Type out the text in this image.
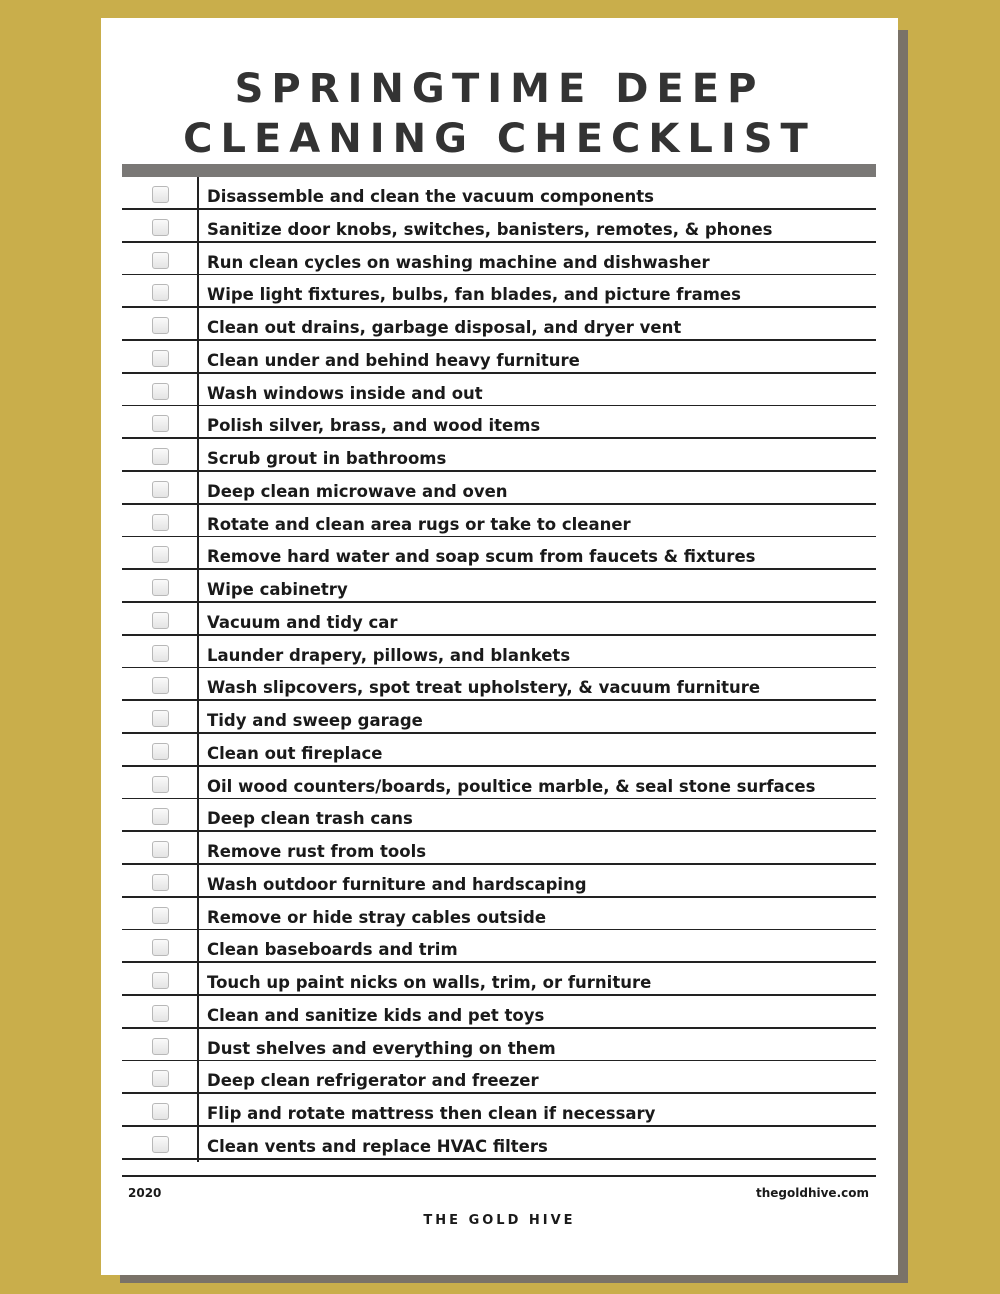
SPRINGTIME DEEP
CLEANING CHECKLIST
Disassemble and clean the vacuum components
Sanitize door knobs, switches, banisters, remotes, & phones
Run clean cycles on washing machine and dishwasher
Wipe light fixtures, bulbs, fan blades, and picture frames
Clean out drains, garbage disposal, and dryer vent
Clean under and behind heavy furniture
Wash windows inside and out
Polish silver, brass, and wood items
Scrub grout in bathrooms
Deep clean microwave and oven
Rotate and clean area rugs or take to cleaner
Remove hard water and soap scum from faucets & fixtures
Wipe cabinetry
Vacuum and tidy car
Launder drapery, pillows, and blankets
Wash slipcovers, spot treat upholstery, & vacuum furniture
Tidy and sweep garage
Clean out fireplace
Oil wood counters/boards, poultice marble, & seal stone surfaces
Deep clean trash cans
Remove rust from tools
Wash outdoor furniture and hardscaping
Remove or hide stray cables outside
Clean baseboards and trim
Touch up paint nicks on walls, trim, or furniture
Clean and sanitize kids and pet toys
Dust shelves and everything on them
Deep clean refrigerator and freezer
Flip and rotate mattress then clean if necessary
Clean vents and replace HVAC filters
2020	thegoldhive.com
THE GOLD HIVE
